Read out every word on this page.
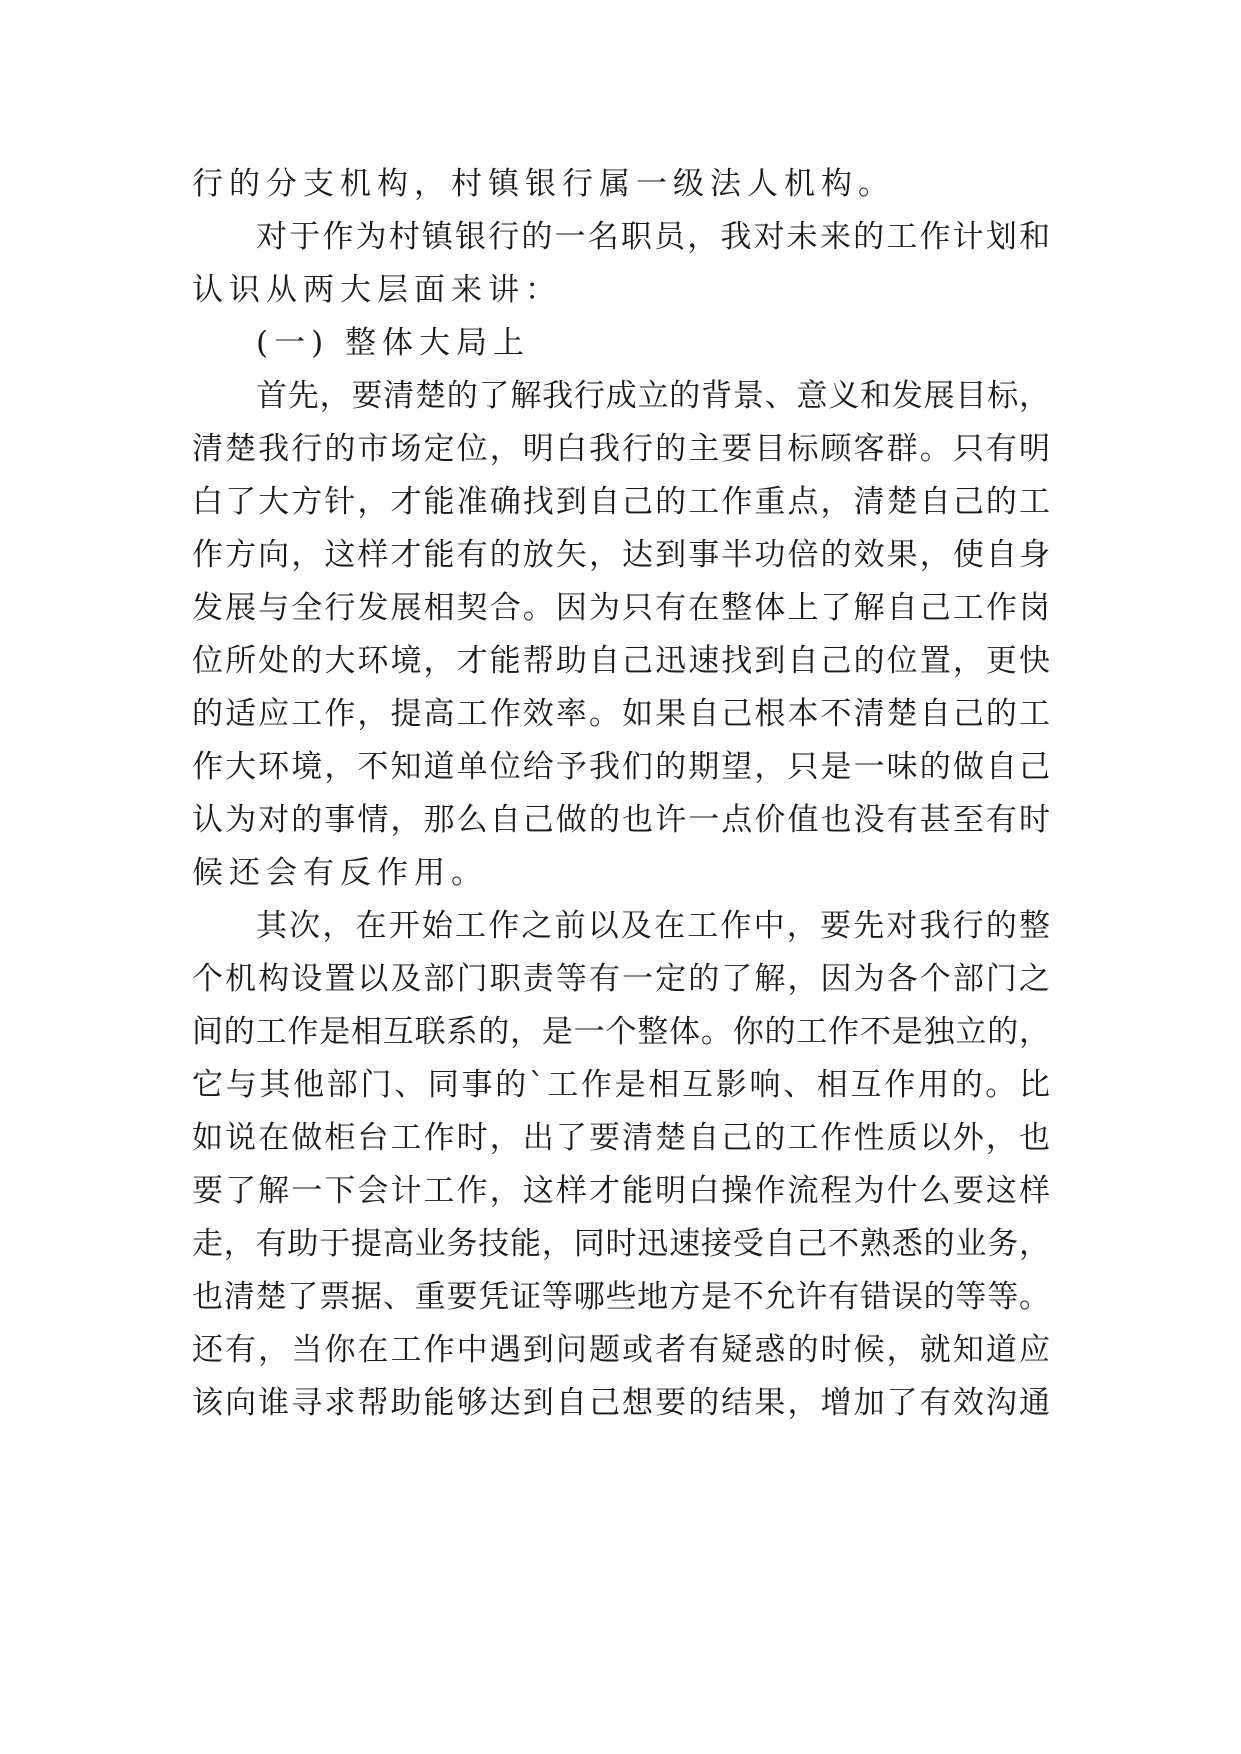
行的分支机构，村镇银行属一级法人机构。
对于作为村镇银行的一名职员，我对未来的工作计划和
认识从两大层面来讲：
(一) 整体大局上
首先，要清楚的了解我行成立的背景、意义和发展目标，
清楚我行的市场定位，明白我行的主要目标顾客群。只有明
白了大方针，才能准确找到自己的工作重点，清楚自己的工
作方向，这样才能有的放矢，达到事半功倍的效果，使自身
发展与全行发展相契合。因为只有在整体上了解自己工作岗
位所处的大环境，才能帮助自己迅速找到自己的位置，更快
的适应工作，提高工作效率。如果自己根本不清楚自己的工
作大环境，不知道单位给予我们的期望，只是一味的做自己
认为对的事情，那么自己做的也许一点价值也没有甚至有时
候还会有反作用。
其次，在开始工作之前以及在工作中，要先对我行的整
个机构设置以及部门职责等有一定的了解，因为各个部门之
间的工作是相互联系的，是一个整体。你的工作不是独立的，
它与其他部门、同事的`工作是相互影响、相互作用的。比
如说在做柜台工作时，出了要清楚自己的工作性质以外，也
要了解一下会计工作，这样才能明白操作流程为什么要这样
走，有助于提高业务技能，同时迅速接受自己不熟悉的业务，
也清楚了票据、重要凭证等哪些地方是不允许有错误的等等。
还有，当你在工作中遇到问题或者有疑惑的时候，就知道应
该向谁寻求帮助能够达到自己想要的结果，增加了有效沟通
